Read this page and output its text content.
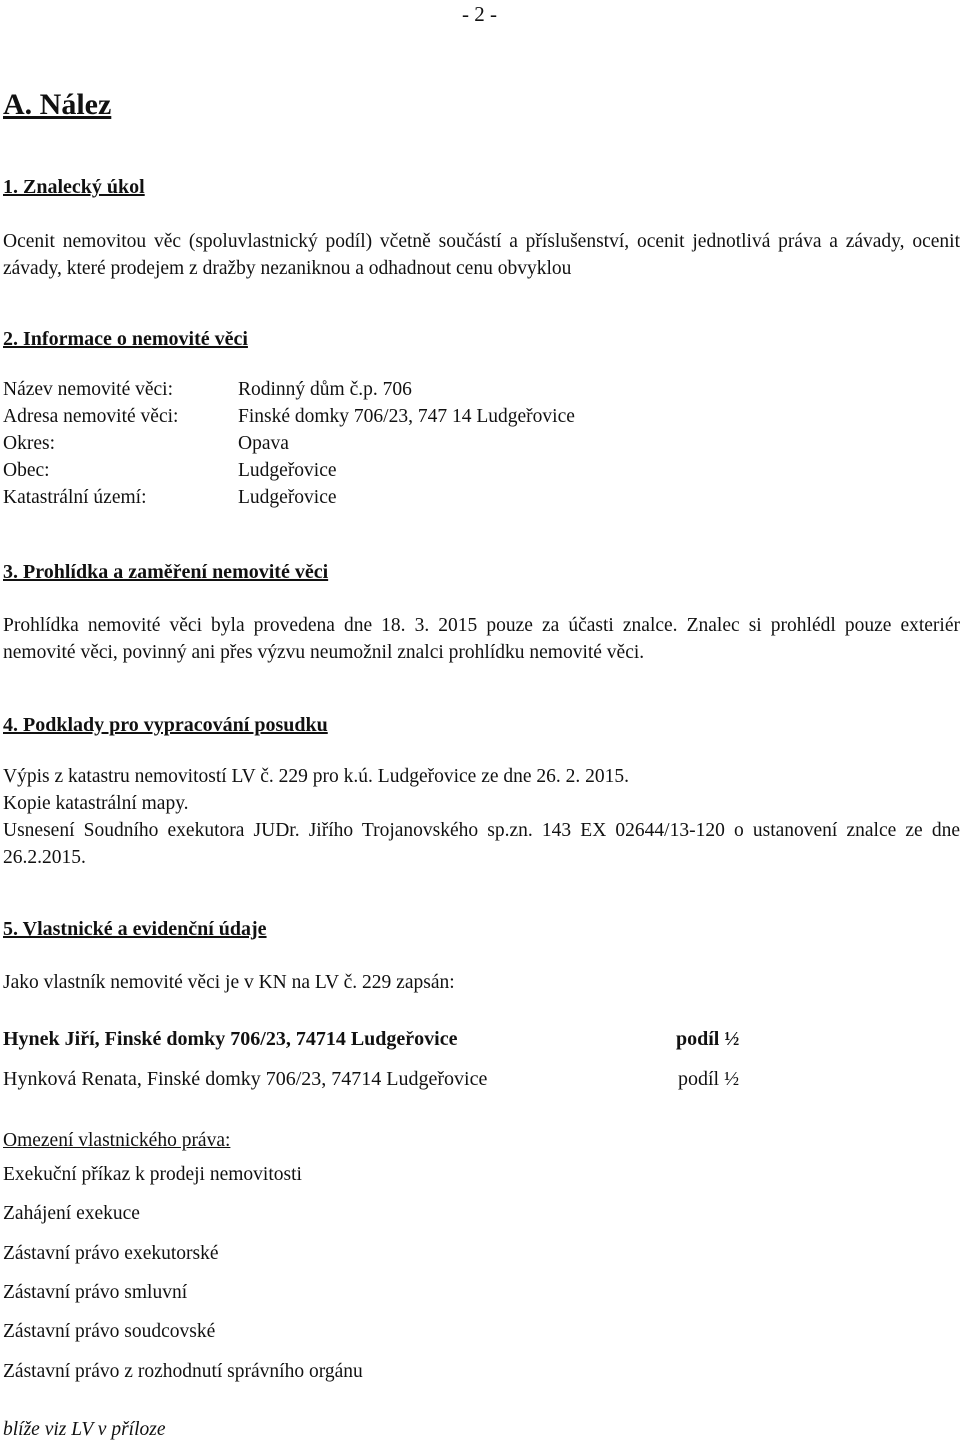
- 2 -
A. Nález
1. Znalecký úkol
Ocenit nemovitou věc (spoluvlastnický podíl) včetně součástí a příslušenství, ocenit jednotlivá práva a závady, ocenit závady, které prodejem z dražby nezaniknou a odhadnout cenu obvyklou
2. Informace o nemovité věci
Název nemovité věci:	Rodinný dům č.p. 706
Adresa nemovité věci:	Finské domky 706/23, 747 14 Ludgeřovice
Okres:	Opava
Obec:	Ludgeřovice
Katastrální území:	Ludgeřovice
3. Prohlídka a zaměření nemovité věci
Prohlídka nemovité věci byla provedena dne 18. 3. 2015 pouze za účasti znalce. Znalec si prohlédl pouze exteriér nemovité věci, povinný ani přes výzvu neumožnil znalci prohlídku nemovité věci.
4. Podklady pro vypracování posudku
Výpis z katastru nemovitostí LV č. 229 pro k.ú. Ludgeřovice ze dne 26. 2. 2015.
Kopie katastrální mapy.
Usnesení Soudního exekutora JUDr. Jiřího Trojanovského sp.zn. 143 EX 02644/13-120 o ustanovení znalce ze dne 26.2.2015.
5. Vlastnické a evidenční údaje
Jako vlastník nemovité věci je v KN na LV č. 229 zapsán:
Hynek Jiří, Finské domky 706/23, 74714 Ludgeřovice	podíl ½
Hynková Renata, Finské domky 706/23, 74714 Ludgeřovice	podíl ½
Omezení vlastnického práva:
Exekuční příkaz k prodeji nemovitosti
Zahájení exekuce
Zástavní právo exekutorské
Zástavní právo smluvní
Zástavní právo soudcovské
Zástavní právo z rozhodnutí správního orgánu
blíže viz LV v příloze
